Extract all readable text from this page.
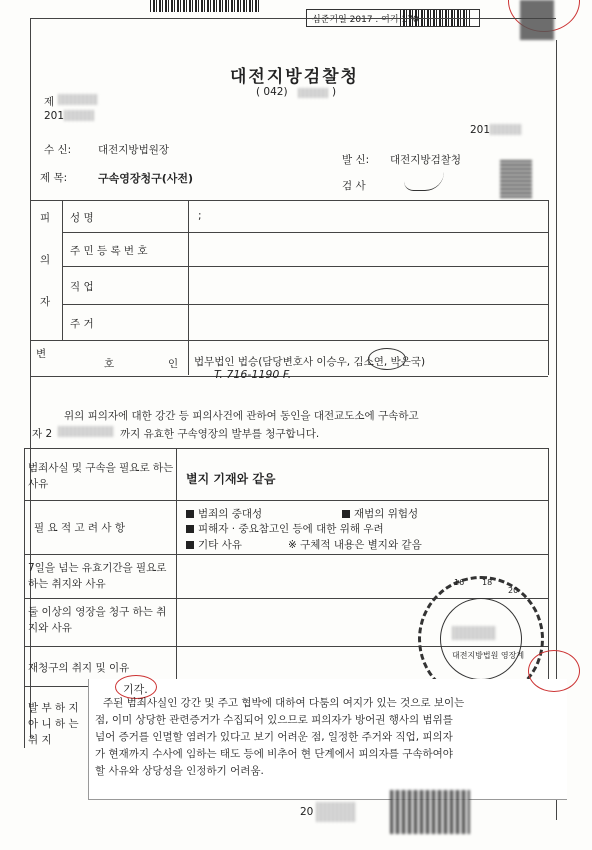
심준기일 2017 . 여기 170
대전지방검찰청
( 042)	)
제
201
201
수 신:	대전지방법원장
발 신: 대전지방검찰청
제 목:	구속영장청구(사전)
검 사
피
의
자
성 명	;
주 민 등 록 번 호
직 업
주 거
변
호	인 법무법인 법승(담당변호사 이승우, 김소연, 박은국)
T. 716-1190 F.
위의 피의자에 대한 강간 등 피의사건에 관하여 동인을 대전교도소에 구속하고
자 2	까지 유효한 구속영장의 발부를 청구합니다.
범죄사실 및 구속을 필요로 하는 사유	별지 기재와 같음
필 요 적 고 려 사 항
범죄의 중대성	재범의 위험성
피해자 · 중요참고인 등에 대한 위해 우려
기타 사유	※ 구체적 내용은 별지와 같음
7일을 넘는 유효기간을 필요로 하는 취지와 사유
둘 이상의 영장을 청구 하는 취지와 사유
재청구의 취지 및 이유
발 부 하 지 아 니 하 는 취 지
16 18
20
대전지방법원 영장계
기각.
주된 범죄사실인 강간 및 주고 협박에 대하여 다툼의 여지가 있는 것으로 보이는
점, 이미 상당한 관련증거가 수집되어 있으므로 피의자가 방어권 행사의 범위를
넘어 증거를 인멸할 염려가 있다고 보기 어려운 점, 일정한 주거와 직업, 피의자
가 현재까지 수사에 임하는 태도 등에 비추어 현 단계에서 피의자를 구속하여야
할 사유와 상당성을 인정하기 어려움.
20
